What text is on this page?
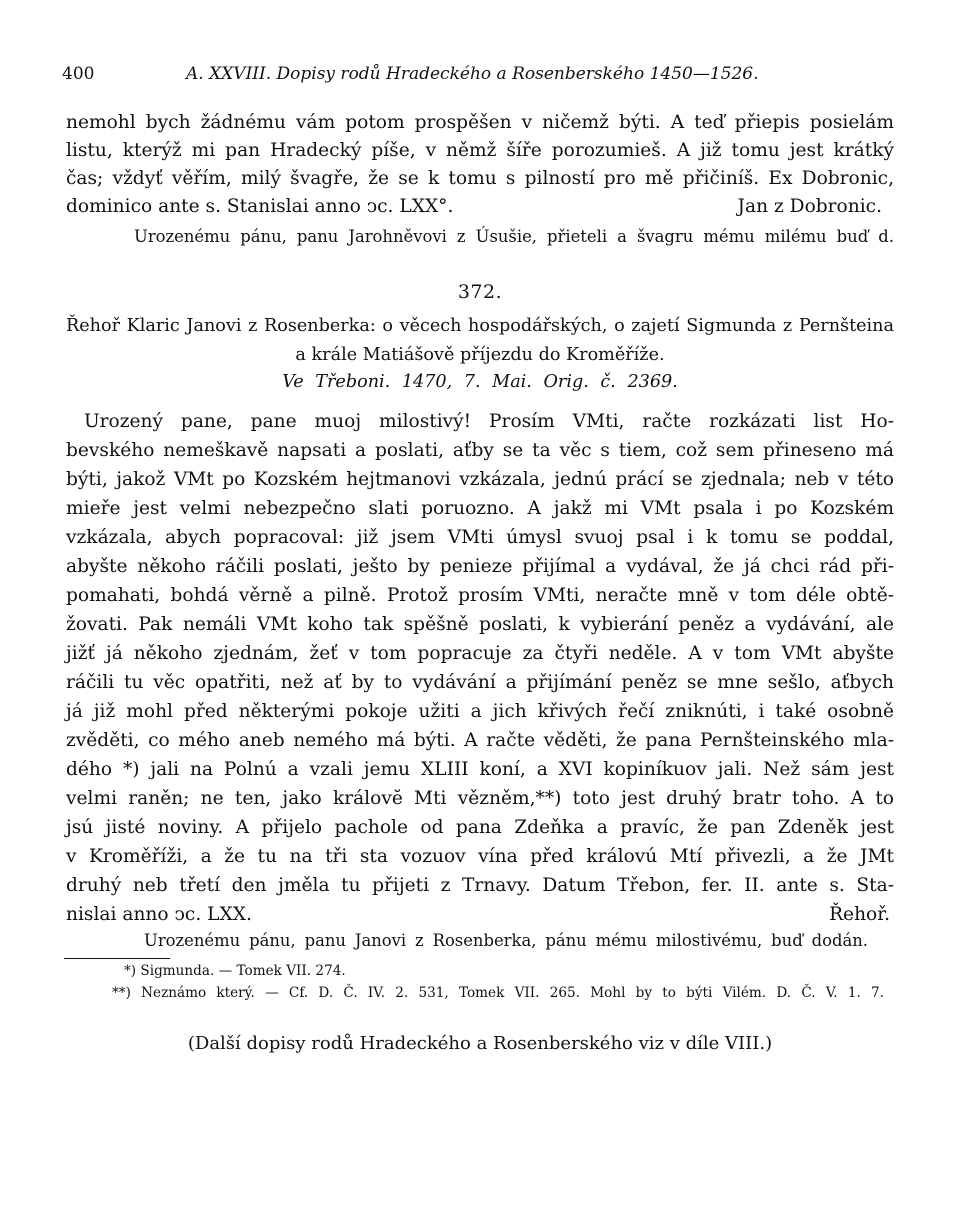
400	A. XXVIII. Dopisy rodů Hradeckého a Rosenberského 1450—1526.
nemohl bych žádnému vám potom prospěšen v ničemž býti. A teď přiepis posielám
listu, kterýž mi pan Hradecký píše, v němž šíře porozumieš. A již tomu jest krátký
čas; vždyť věřím, milý švagře, že se k tomu s pilností pro mě přičiníš. Ex Dobronic,
dominico ante s. Stanislai anno ↄc. LXX°.	Jan z Dobronic.
Urozenému pánu, panu Jarohněvovi z Úsušie, přieteli a švagru mému milému buď d.
372.
Řehoř Klaric Janovi z Rosenberka: o věcech hospodářských, o zajetí Sigmunda z Pernšteina
a krále Matiášově příjezdu do Kroměříže.
Ve Třeboni. 1470, 7. Mai. Orig. č. 2369.
Urozený pane, pane muoj milostivý! Prosím VMti, račte rozkázati list Ho-
bevského nemeškavě napsati a poslati, aťby se ta věc s tiem, což sem přineseno má
býti, jakož VMt po Kozském hejtmanovi vzkázala, jednú prácí se zjednala; neb v této
mieře jest velmi nebezpečno slati poruozno. A jakž mi VMt psala i po Kozském
vzkázala, abych popracoval: již jsem VMti úmysl svuoj psal i k tomu se poddal,
abyšte někoho ráčili poslati, ješto by penieze přijímal a vydával, že já chci rád při-
pomahati, bohdá věrně a pilně. Protož prosím VMti, neračte mně v tom déle obtě-
žovati. Pak nemáli VMt koho tak spěšně poslati, k vybierání peněz a vydávání, ale
jižť já někoho zjednám, žeť v tom popracuje za čtyři neděle. A v tom VMt abyšte
ráčili tu věc opatřiti, než ať by to vydávání a přijímání peněz se mne sešlo, aťbych
já již mohl před některými pokoje užiti a jich křivých řečí zniknúti, i také osobně
zvěděti, co mého aneb nemého má býti. A račte věděti, že pana Pernšteinského mla-
dého *) jali na Polnú a vzali jemu XLIII koní, a XVI kopiníkuov jali. Než sám jest
velmi raněn; ne ten, jako královĕ Mti vězněm,**) toto jest druhý bratr toho. A to
jsú jisté noviny. A přijelo pachole od pana Zdeňka a pravíc, že pan Zdeněk jest
v Kroměříži, a že tu na tři sta vozuov vína před královú Mtí přivezli, a že JMt
druhý neb třetí den jměla tu přijeti z Trnavy. Datum Třebon, fer. II. ante s. Sta-
nislai anno ↄc. LXX.	Řehoř.
Urozenému pánu, panu Janovi z Rosenberka, pánu mému milostivému, buď dodán.
*) Sigmunda. — Tomek VII. 274.
**) Neznámo který. — Cf. D. Č. IV. 2. 531, Tomek VII. 265. Mohl by to býti Vilém. D. Č. V. 1. 7.
(Další dopisy rodů Hradeckého a Rosenberského viz v díle VIII.)
